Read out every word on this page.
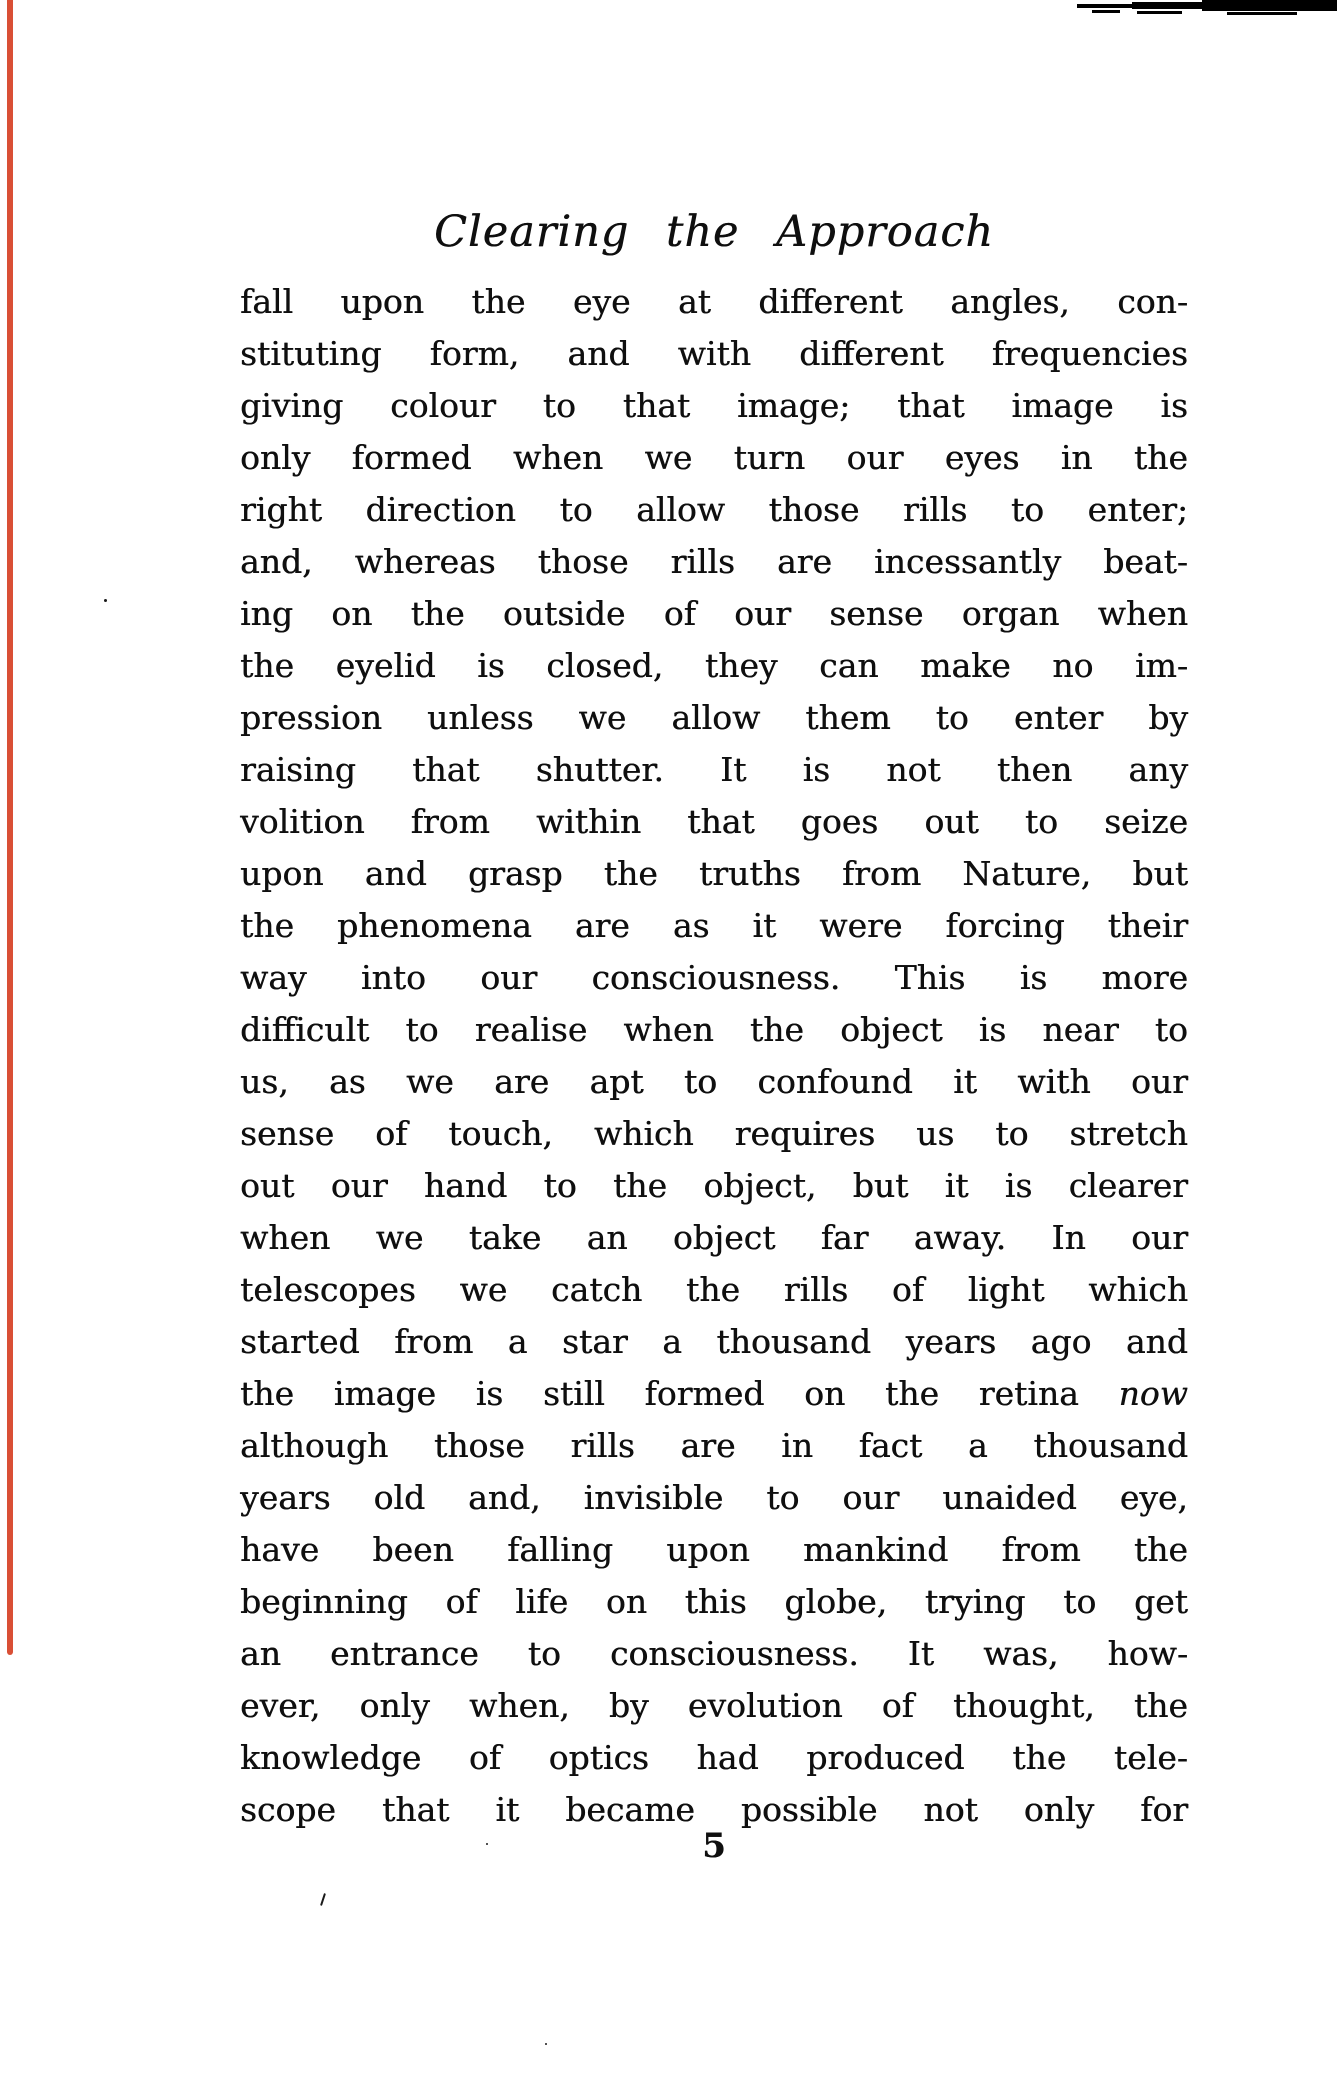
Clearing the Approach
fall upon the eye at different angles, con-
stituting form, and with different frequencies
giving colour to that image; that image is
only formed when we turn our eyes in the
right direction to allow those rills to enter;
and, whereas those rills are incessantly beat-
ing on the outside of our sense organ when
the eyelid is closed, they can make no im-
pression unless we allow them to enter by
raising that shutter. It is not then any
volition from within that goes out to seize
upon and grasp the truths from Nature, but
the phenomena are as it were forcing their
way into our consciousness. This is more
difficult to realise when the object is near to
us, as we are apt to confound it with our
sense of touch, which requires us to stretch
out our hand to the object, but it is clearer
when we take an object far away. In our
telescopes we catch the rills of light which
started from a star a thousand years ago and
the image is still formed on the retina now
although those rills are in fact a thousand
years old and, invisible to our unaided eye,
have been falling upon mankind from the
beginning of life on this globe, trying to get
an entrance to consciousness. It was, how-
ever, only when, by evolution of thought, the
knowledge of optics had produced the tele-
scope that it became possible not only for
5
